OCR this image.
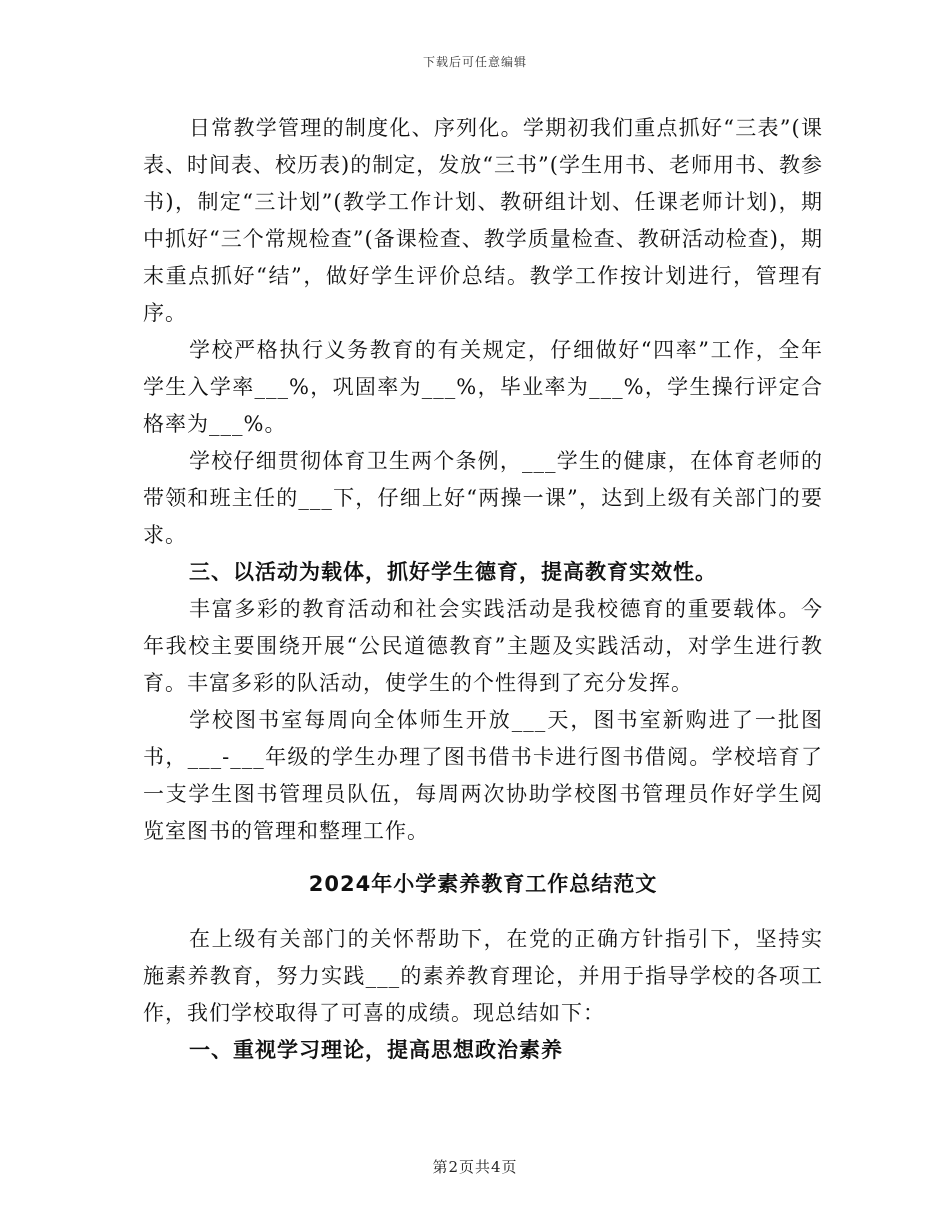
下载后可任意编辑

日常教学管理的制度化、序列化。学期初我们重点抓好“三表”(课表、时间表、校历表)的制定，发放“三书”(学生用书、老师用书、教参书)，制定“三计划”(教学工作计划、教研组计划、任课老师计划)，期中抓好“三个常规检查”(备课检查、教学质量检查、教研活动检查)，期末重点抓好“结”，做好学生评价总结。教学工作按计划进行，管理有序。

学校严格执行义务教育的有关规定，仔细做好“四率”工作，全年学生入学率___%，巩固率为___%，毕业率为___%，学生操行评定合格率为___%。

学校仔细贯彻体育卫生两个条例，___学生的健康，在体育老师的带领和班主任的___下，仔细上好“两操一课”，达到上级有关部门的要求。

三、以活动为载体，抓好学生德育，提高教育实效性。

丰富多彩的教育活动和社会实践活动是我校德育的重要载体。今年我校主要围绕开展“公民道德教育”主题及实践活动，对学生进行教育。丰富多彩的队活动，使学生的个性得到了充分发挥。

学校图书室每周向全体师生开放___天，图书室新购进了一批图书，___-___年级的学生办理了图书借书卡进行图书借阅。学校培育了一支学生图书管理员队伍，每周两次协助学校图书管理员作好学生阅览室图书的管理和整理工作。

2024年小学素养教育工作总结范文

在上级有关部门的关怀帮助下，在党的正确方针指引下，坚持实施素养教育，努力实践___的素养教育理论，并用于指导学校的各项工作，我们学校取得了可喜的成绩。现总结如下：

一、重视学习理论，提高思想政治素养

第2页共4页
